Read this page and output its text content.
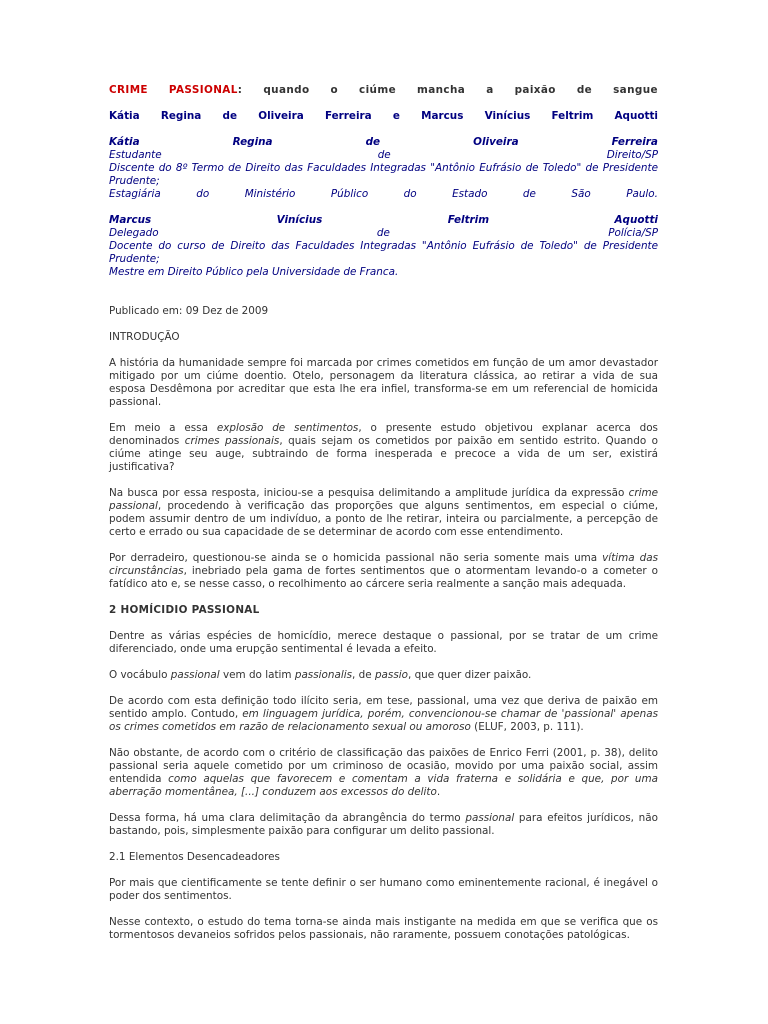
CRIME PASSIONAL: quando o ciúme mancha a paixão de sangue
Kátia Regina de Oliveira Ferreira e Marcus Vinícius Feltrim Aquotti
Kátia	Regina	de	Oliveira	Ferreira
Estudante	de	Direito/SP
Discente do 8º Termo de Direito das Faculdades Integradas "Antônio Eufrásio de Toledo" de Presidente
Prudente;
Estagiária	do	Ministério	Público	do	Estado	de	São	Paulo.
Marcus	Vinícius	Feltrim	Aquotti
Delegado	de	Polícia/SP
Docente do curso de Direito das Faculdades Integradas "Antônio Eufrásio de Toledo" de Presidente
Prudente;
Mestre em Direito Público pela Universidade de Franca.

Publicado em: 09 Dez de 2009

INTRODUÇÃO

A história da humanidade sempre foi marcada por crimes cometidos em função de um amor devastador mitigado por um ciúme doentio. Otelo, personagem da literatura clássica, ao retirar a vida de sua esposa Desdêmona por acreditar que esta lhe era infiel, transforma-se em um referencial de homicida passional.

Em meio a essa explosão de sentimentos, o presente estudo objetivou explanar acerca dos denominados crimes passionais, quais sejam os cometidos por paixão em sentido estrito. Quando o ciúme atinge seu auge, subtraindo de forma inesperada e precoce a vida de um ser, existirá justificativa?

Na busca por essa resposta, iniciou-se a pesquisa delimitando a amplitude jurídica da expressão crime passional, procedendo à verificação das proporções que alguns sentimentos, em especial o ciúme, podem assumir dentro de um indivíduo, a ponto de lhe retirar, inteira ou parcialmente, a percepção de certo e errado ou sua capacidade de se determinar de acordo com esse entendimento.

Por derradeiro, questionou-se ainda se o homicida passional não seria somente mais uma vítima das circunstâncias, inebriado pela gama de fortes sentimentos que o atormentam levando-o a cometer o fatídico ato e, se nesse casso, o recolhimento ao cárcere seria realmente a sanção mais adequada.

2 HOMÍCIDIO PASSIONAL

Dentre as várias espécies de homicídio, merece destaque o passional, por se tratar de um crime diferenciado, onde uma erupção sentimental é levada a efeito.

O vocábulo passional vem do latim passionalis, de passio, que quer dizer paixão.

De acordo com esta definição todo ilícito seria, em tese, passional, uma vez que deriva de paixão em sentido amplo. Contudo, em linguagem jurídica, porém, convencionou-se chamar de 'passional' apenas os crimes cometidos em razão de relacionamento sexual ou amoroso (ELUF, 2003, p. 111).

Não obstante, de acordo com o critério de classificação das paixões de Enrico Ferri (2001, p. 38), delito passional seria aquele cometido por um criminoso de ocasião, movido por uma paixão social, assim entendida como aquelas que favorecem e comentam a vida fraterna e solidária e que, por uma aberração momentânea, [...] conduzem aos excessos do delito.

Dessa forma, há uma clara delimitação da abrangência do termo passional para efeitos jurídicos, não bastando, pois, simplesmente paixão para configurar um delito passional.

2.1 Elementos Desencadeadores

Por mais que cientificamente se tente definir o ser humano como eminentemente racional, é inegável o poder dos sentimentos.

Nesse contexto, o estudo do tema torna-se ainda mais instigante na medida em que se verifica que os tormentosos devaneios sofridos pelos passionais, não raramente, possuem conotações patológicas.
